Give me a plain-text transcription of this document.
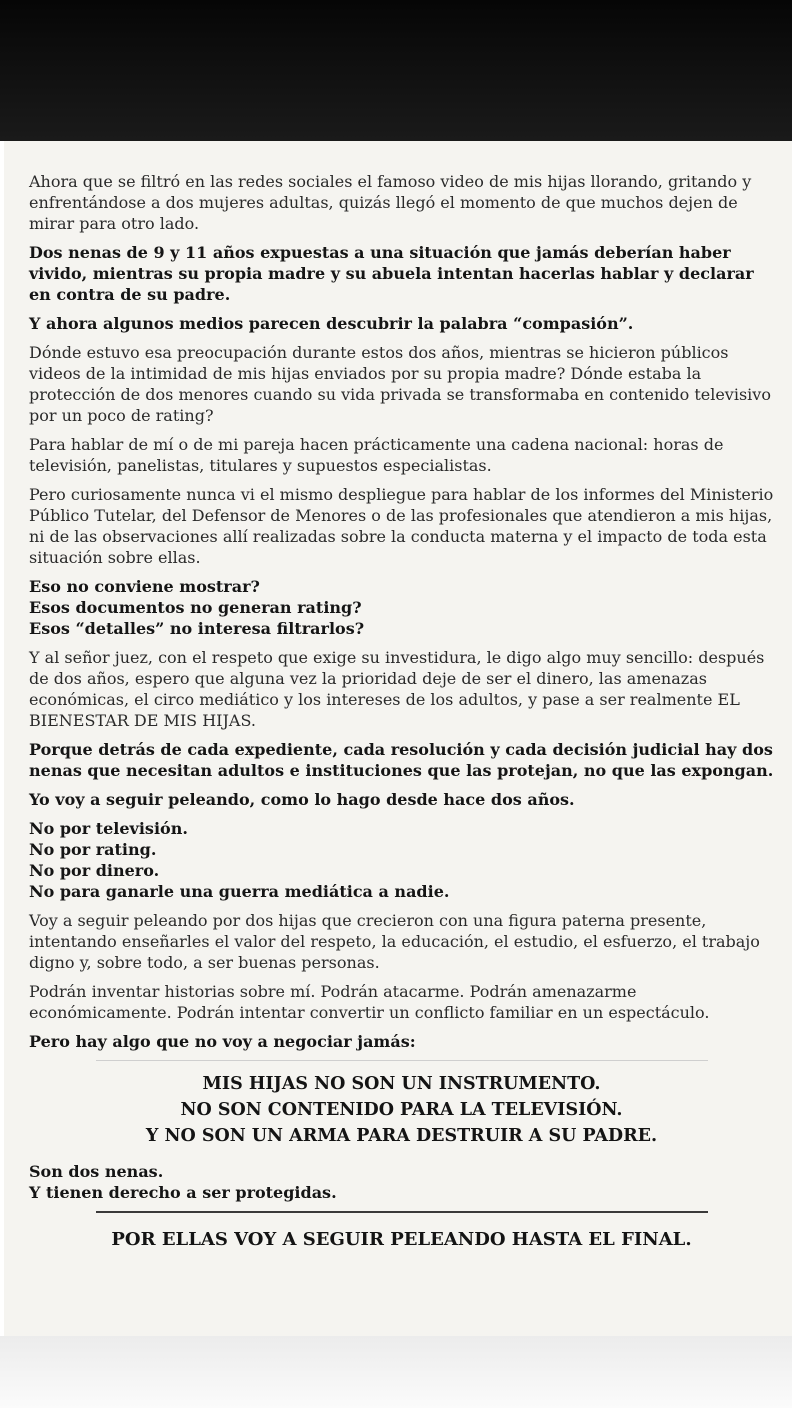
Ahora que se filtró en las redes sociales el famoso video de mis hijas llorando, gritando y enfrentándose a dos mujeres adultas, quizás llegó el momento de que muchos dejen de mirar para otro lado.

Dos nenas de 9 y 11 años expuestas a una situación que jamás deberían haber vivido, mientras su propia madre y su abuela intentan hacerlas hablar y declarar en contra de su padre.

Y ahora algunos medios parecen descubrir la palabra “compasión”.

Dónde estuvo esa preocupación durante estos dos años, mientras se hicieron públicos videos de la intimidad de mis hijas enviados por su propia madre? Dónde estaba la protección de dos menores cuando su vida privada se transformaba en contenido televisivo por un poco de rating?

Para hablar de mí o de mi pareja hacen prácticamente una cadena nacional: horas de televisión, panelistas, titulares y supuestos especialistas.

Pero curiosamente nunca vi el mismo despliegue para hablar de los informes del Ministerio Público Tutelar, del Defensor de Menores o de las profesionales que atendieron a mis hijas, ni de las observaciones allí realizadas sobre la conducta materna y el impacto de toda esta situación sobre ellas.

Eso no conviene mostrar?

Esos documentos no generan rating?

Esos “detalles” no interesa filtrarlos?

Y al señor juez, con el respeto que exige su investidura, le digo algo muy sencillo: después de dos años, espero que alguna vez la prioridad deje de ser el dinero, las amenazas económicas, el circo mediático y los intereses de los adultos, y pase a ser realmente EL BIENESTAR DE MIS HIJAS.

Porque detrás de cada expediente, cada resolución y cada decisión judicial hay dos nenas que necesitan adultos e instituciones que las protejan, no que las expongan.

Yo voy a seguir peleando, como lo hago desde hace dos años.

No por televisión.

No por rating.

No por dinero.

No para ganarle una guerra mediática a nadie.

Voy a seguir peleando por dos hijas que crecieron con una figura paterna presente, intentando enseñarles el valor del respeto, la educación, el estudio, el esfuerzo, el trabajo digno y, sobre todo, a ser buenas personas.

Podrán inventar historias sobre mí. Podrán atacarme. Podrán amenazarme económicamente. Podrán intentar convertir un conflicto familiar en un espectáculo.

Pero hay algo que no voy a negociar jamás:

MIS HIJAS NO SON UN INSTRUMENTO.

NO SON CONTENIDO PARA LA TELEVISIÓN.

Y NO SON UN ARMA PARA DESTRUIR A SU PADRE.

Son dos nenas.

Y tienen derecho a ser protegidas.

POR ELLAS VOY A SEGUIR PELEANDO HASTA EL FINAL.
